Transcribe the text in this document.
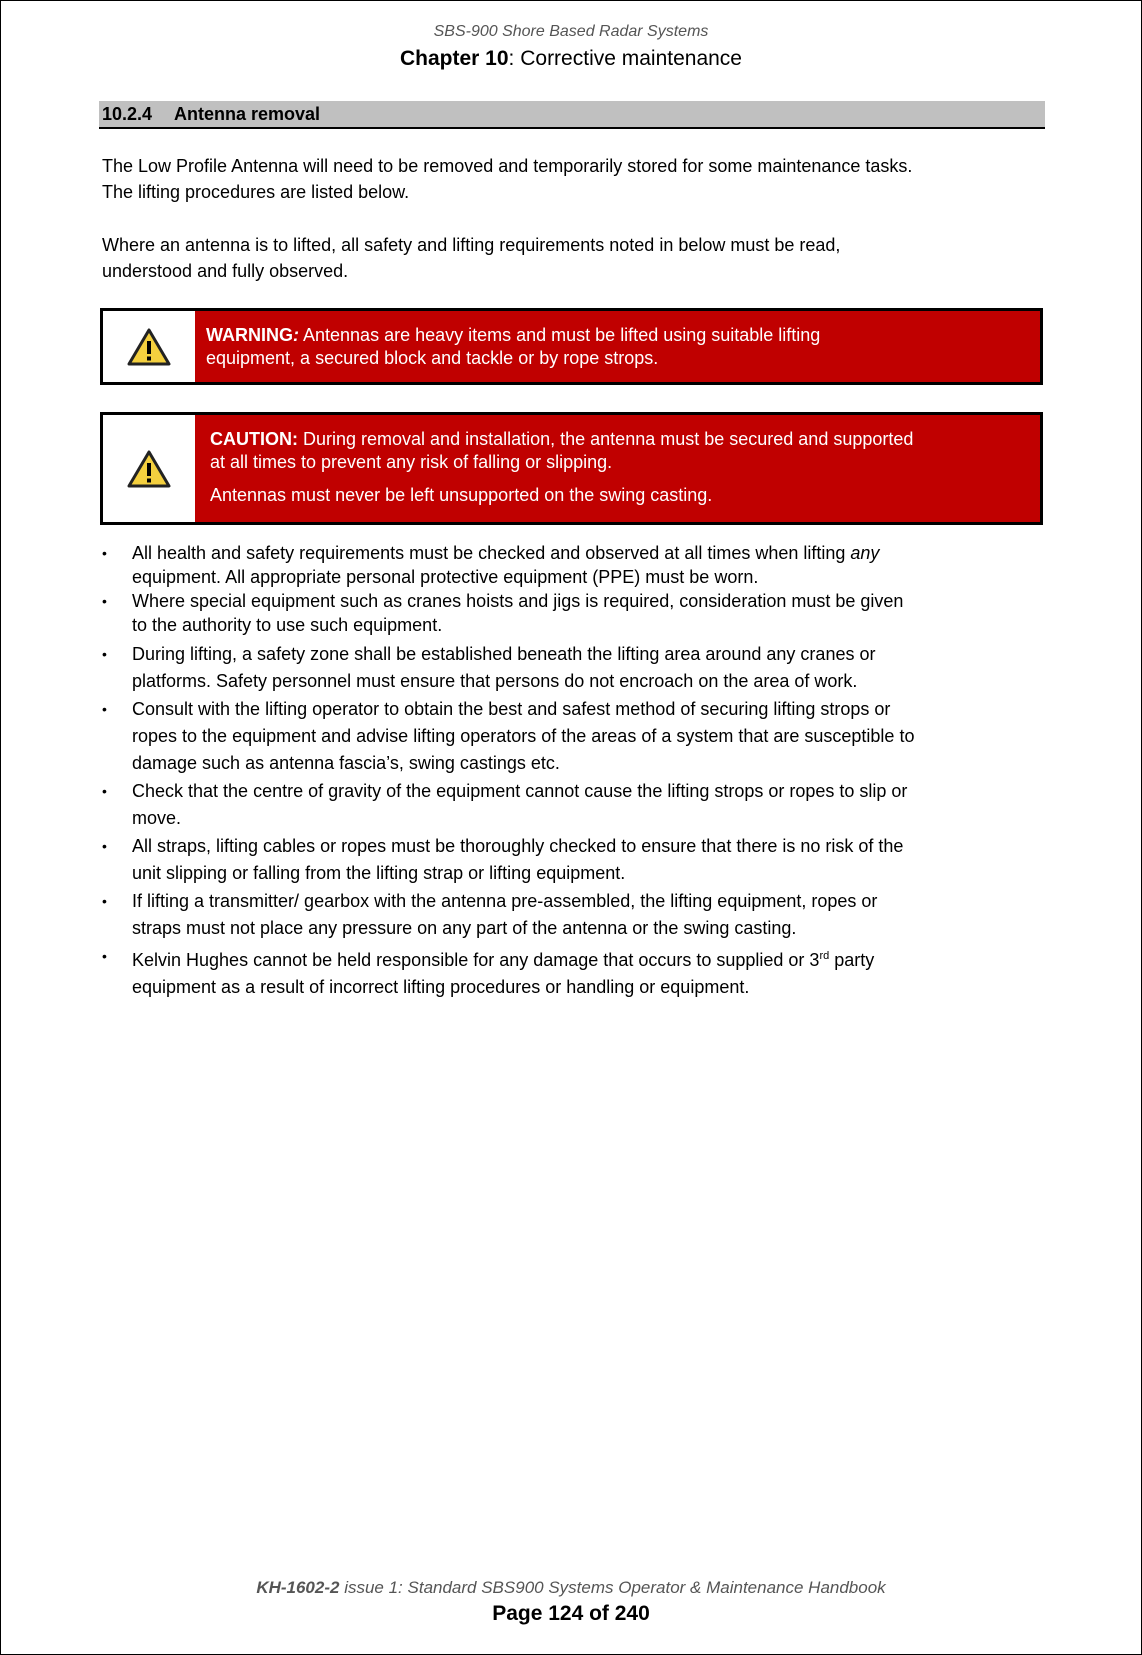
SBS-900 Shore Based Radar Systems
Chapter 10: Corrective maintenance
10.2.4 Antenna removal
The Low Profile Antenna will need to be removed and temporarily stored for some maintenance tasks.
The lifting procedures are listed below.
Where an antenna is to lifted, all safety and lifting requirements noted in below must be read,
understood and fully observed.
WARNING: Antennas are heavy items and must be lifted using suitable lifting
equipment, a secured block and tackle or by rope strops.
CAUTION: During removal and installation, the antenna must be secured and supported
at all times to prevent any risk of falling or slipping.
Antennas must never be left unsupported on the swing casting.
• All health and safety requirements must be checked and observed at all times when lifting any
equipment. All appropriate personal protective equipment (PPE) must be worn.
• Where special equipment such as cranes hoists and jigs is required, consideration must be given
to the authority to use such equipment.
• During lifting, a safety zone shall be established beneath the lifting area around any cranes or
platforms. Safety personnel must ensure that persons do not encroach on the area of work.
• Consult with the lifting operator to obtain the best and safest method of securing lifting strops or
ropes to the equipment and advise lifting operators of the areas of a system that are susceptible to
damage such as antenna fascia’s, swing castings etc.
• Check that the centre of gravity of the equipment cannot cause the lifting strops or ropes to slip or
move.
• All straps, lifting cables or ropes must be thoroughly checked to ensure that there is no risk of the
unit slipping or falling from the lifting strap or lifting equipment.
• If lifting a transmitter/ gearbox with the antenna pre-assembled, the lifting equipment, ropes or
straps must not place any pressure on any part of the antenna or the swing casting.
• Kelvin Hughes cannot be held responsible for any damage that occurs to supplied or 3rd party
equipment as a result of incorrect lifting procedures or handling or equipment.
KH-1602-2 issue 1: Standard SBS900 Systems Operator & Maintenance Handbook
Page 124 of 240
